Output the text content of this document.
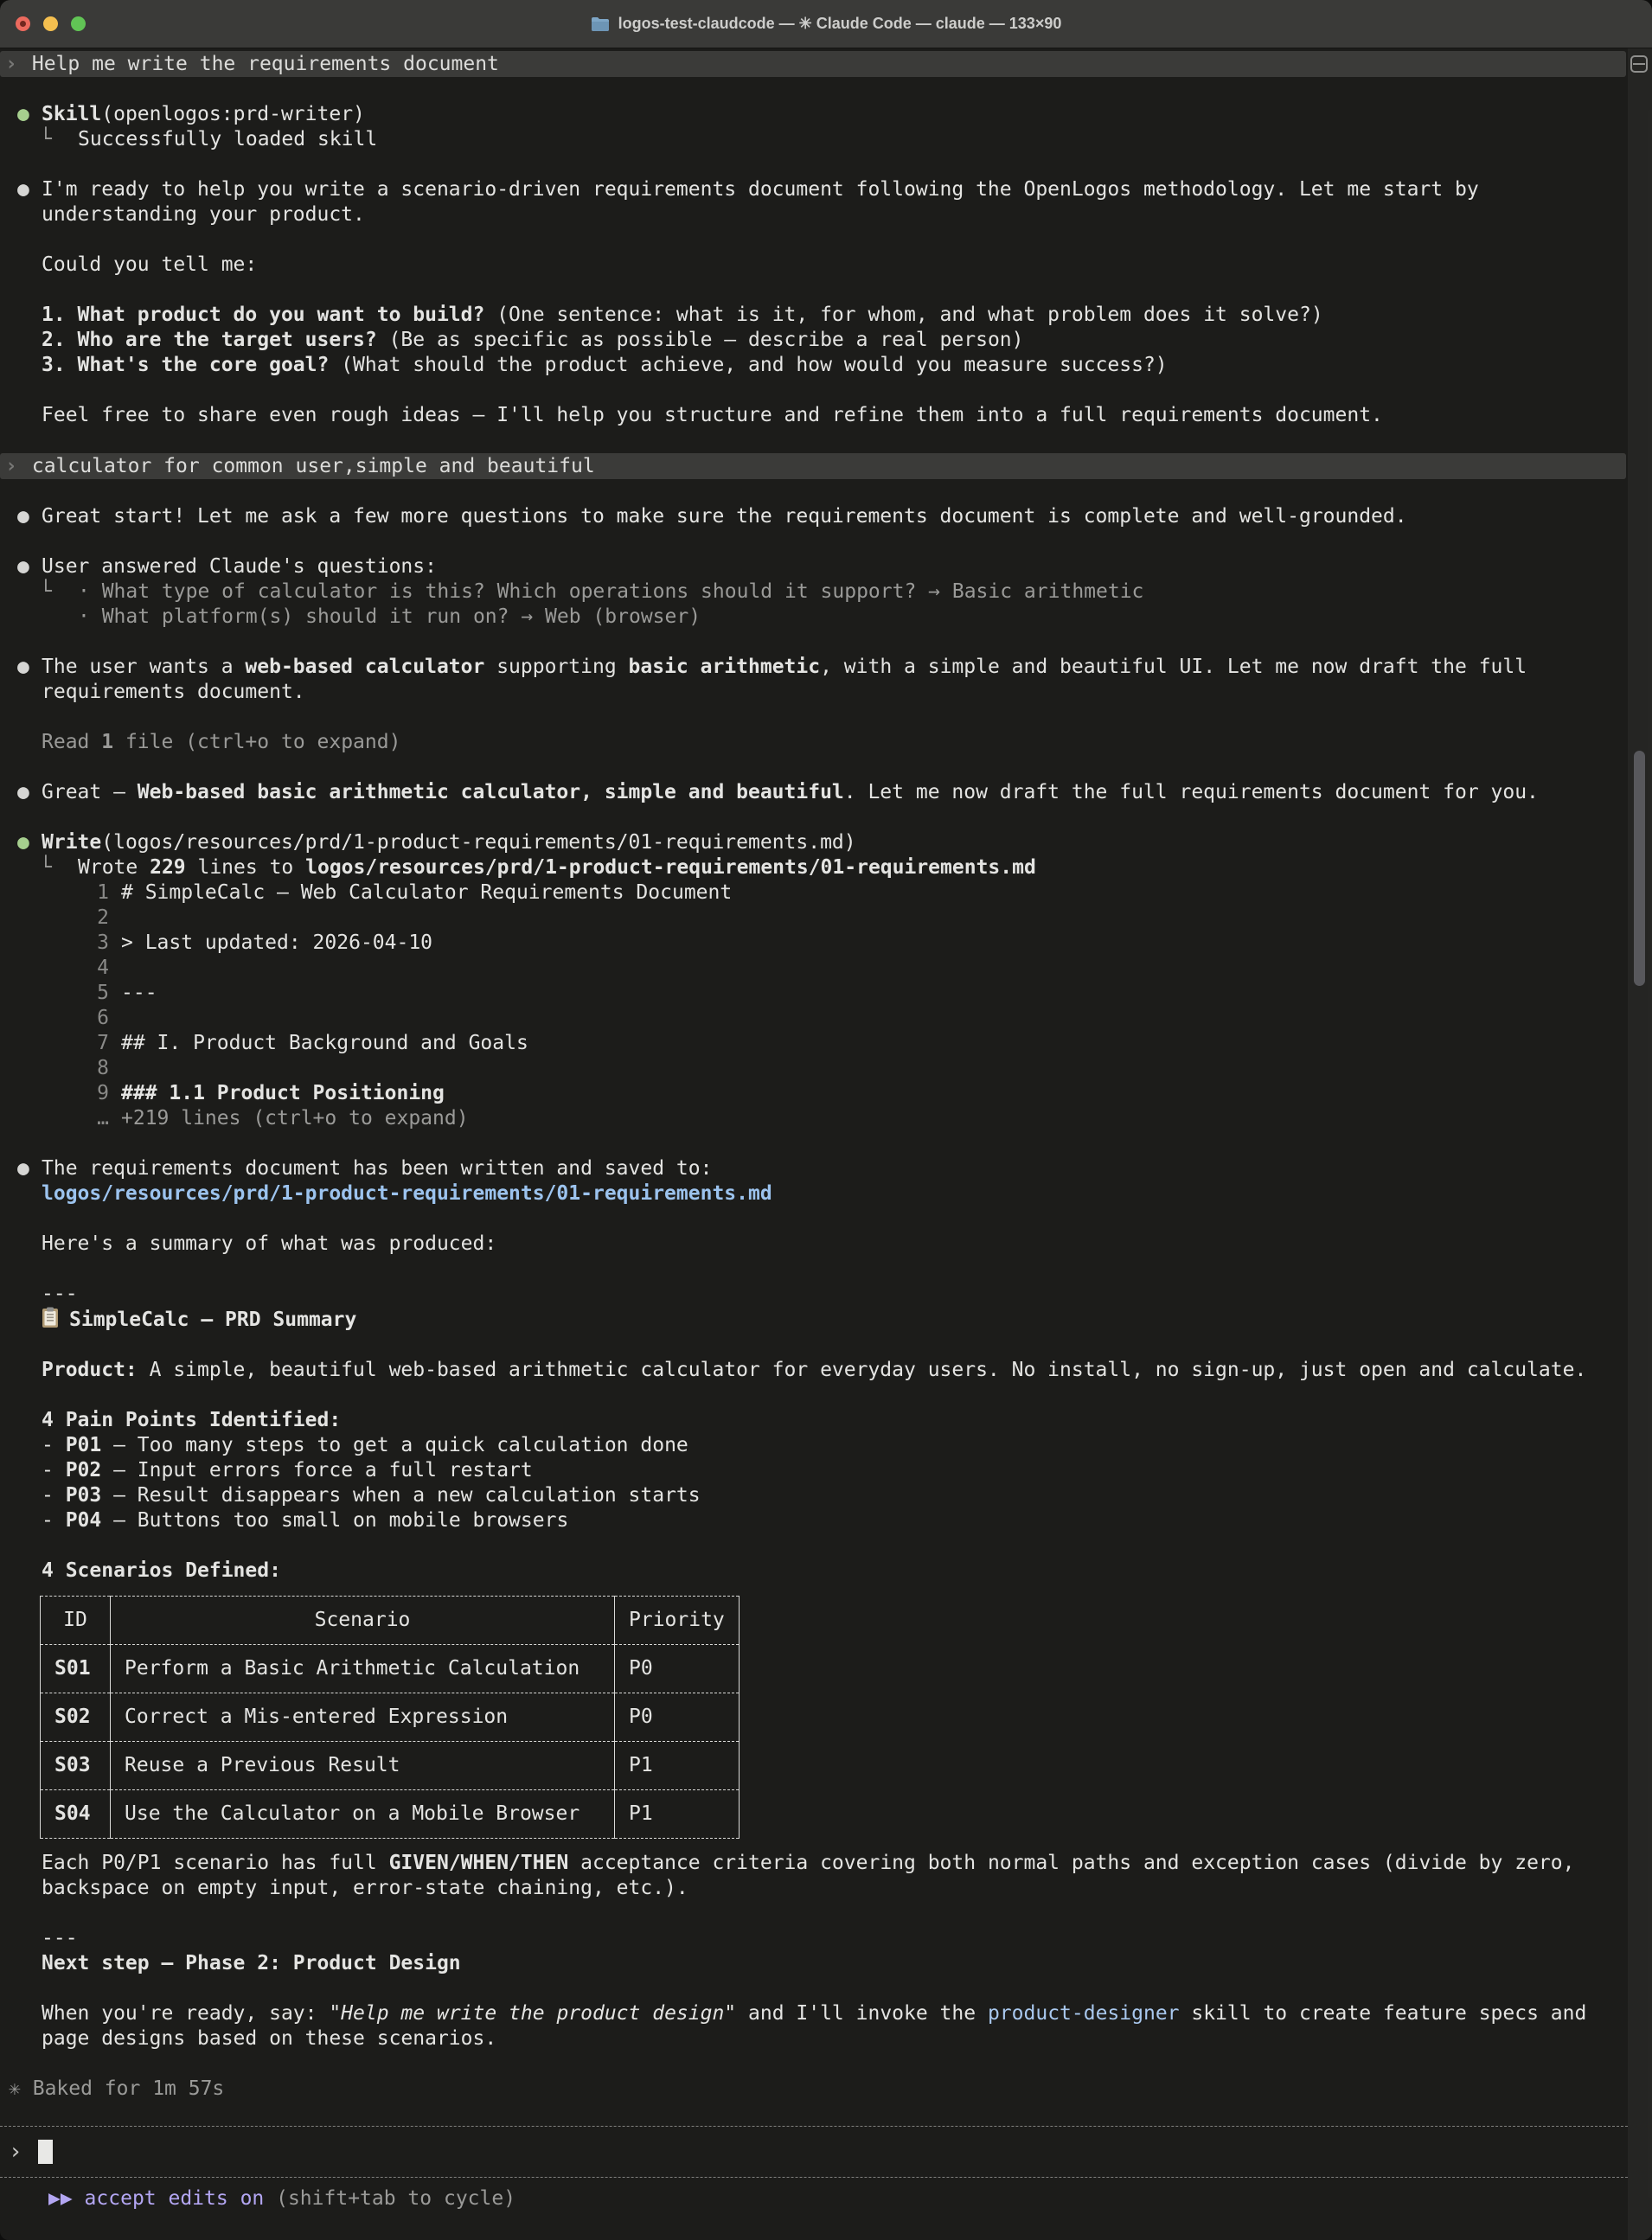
logos-test-claudcode — ✳ Claude Code — claude — 133×90
› Help me write the requirements document
● Skill(openlogos:prd-writer)
└ Successfully loaded skill
● I'm ready to help you write a scenario-driven requirements document following the OpenLogos methodology. Let me start by
understanding your product.
Could you tell me:
1. What product do you want to build? (One sentence: what is it, for whom, and what problem does it solve?)
2. Who are the target users? (Be as specific as possible — describe a real person)
3. What's the core goal? (What should the product achieve, and how would you measure success?)
Feel free to share even rough ideas — I'll help you structure and refine them into a full requirements document.
› calculator for common user,simple and beautiful
● Great start! Let me ask a few more questions to make sure the requirements document is complete and well-grounded.
● User answered Claude's questions:
└ · What type of calculator is this? Which operations should it support? → Basic arithmetic
· What platform(s) should it run on? → Web (browser)
● The user wants a web-based calculator supporting basic arithmetic, with a simple and beautiful UI. Let me now draft the full
requirements document.
Read 1 file (ctrl+o to expand)
● Great — Web-based basic arithmetic calculator, simple and beautiful. Let me now draft the full requirements document for you.
● Write(logos/resources/prd/1-product-requirements/01-requirements.md)
└ Wrote 229 lines to logos/resources/prd/1-product-requirements/01-requirements.md
1 # SimpleCalc — Web Calculator Requirements Document
2
3 > Last updated: 2026-04-10
4
5 ---
6
7 ## I. Product Background and Goals
8
9 ### 1.1 Product Positioning
… +219 lines (ctrl+o to expand)
● The requirements document has been written and saved to:
logos/resources/prd/1-product-requirements/01-requirements.md
Here's a summary of what was produced:
---
SimpleCalc — PRD Summary
Product: A simple, beautiful web-based arithmetic calculator for everyday users. No install, no sign-up, just open and calculate.
4 Pain Points Identified:
- P01 — Too many steps to get a quick calculation done
- P02 — Input errors force a full restart
- P03 — Result disappears when a new calculation starts
- P04 — Buttons too small on mobile browsers
4 Scenarios Defined:
ID	Scenario	Priority
S01	Perform a Basic Arithmetic Calculation	P0
S02	Correct a Mis-entered Expression	P0
S03	Reuse a Previous Result	P1
S04	Use the Calculator on a Mobile Browser	P1
Each P0/P1 scenario has full GIVEN/WHEN/THEN acceptance criteria covering both normal paths and exception cases (divide by zero,
backspace on empty input, error-state chaining, etc.).
---
Next step — Phase 2: Product Design
When you're ready, say: "Help me write the product design" and I'll invoke the product-designer skill to create feature specs and
page designs based on these scenarios.
✳ Baked for 1m 57s
›
▶▶ accept edits on (shift+tab to cycle)
